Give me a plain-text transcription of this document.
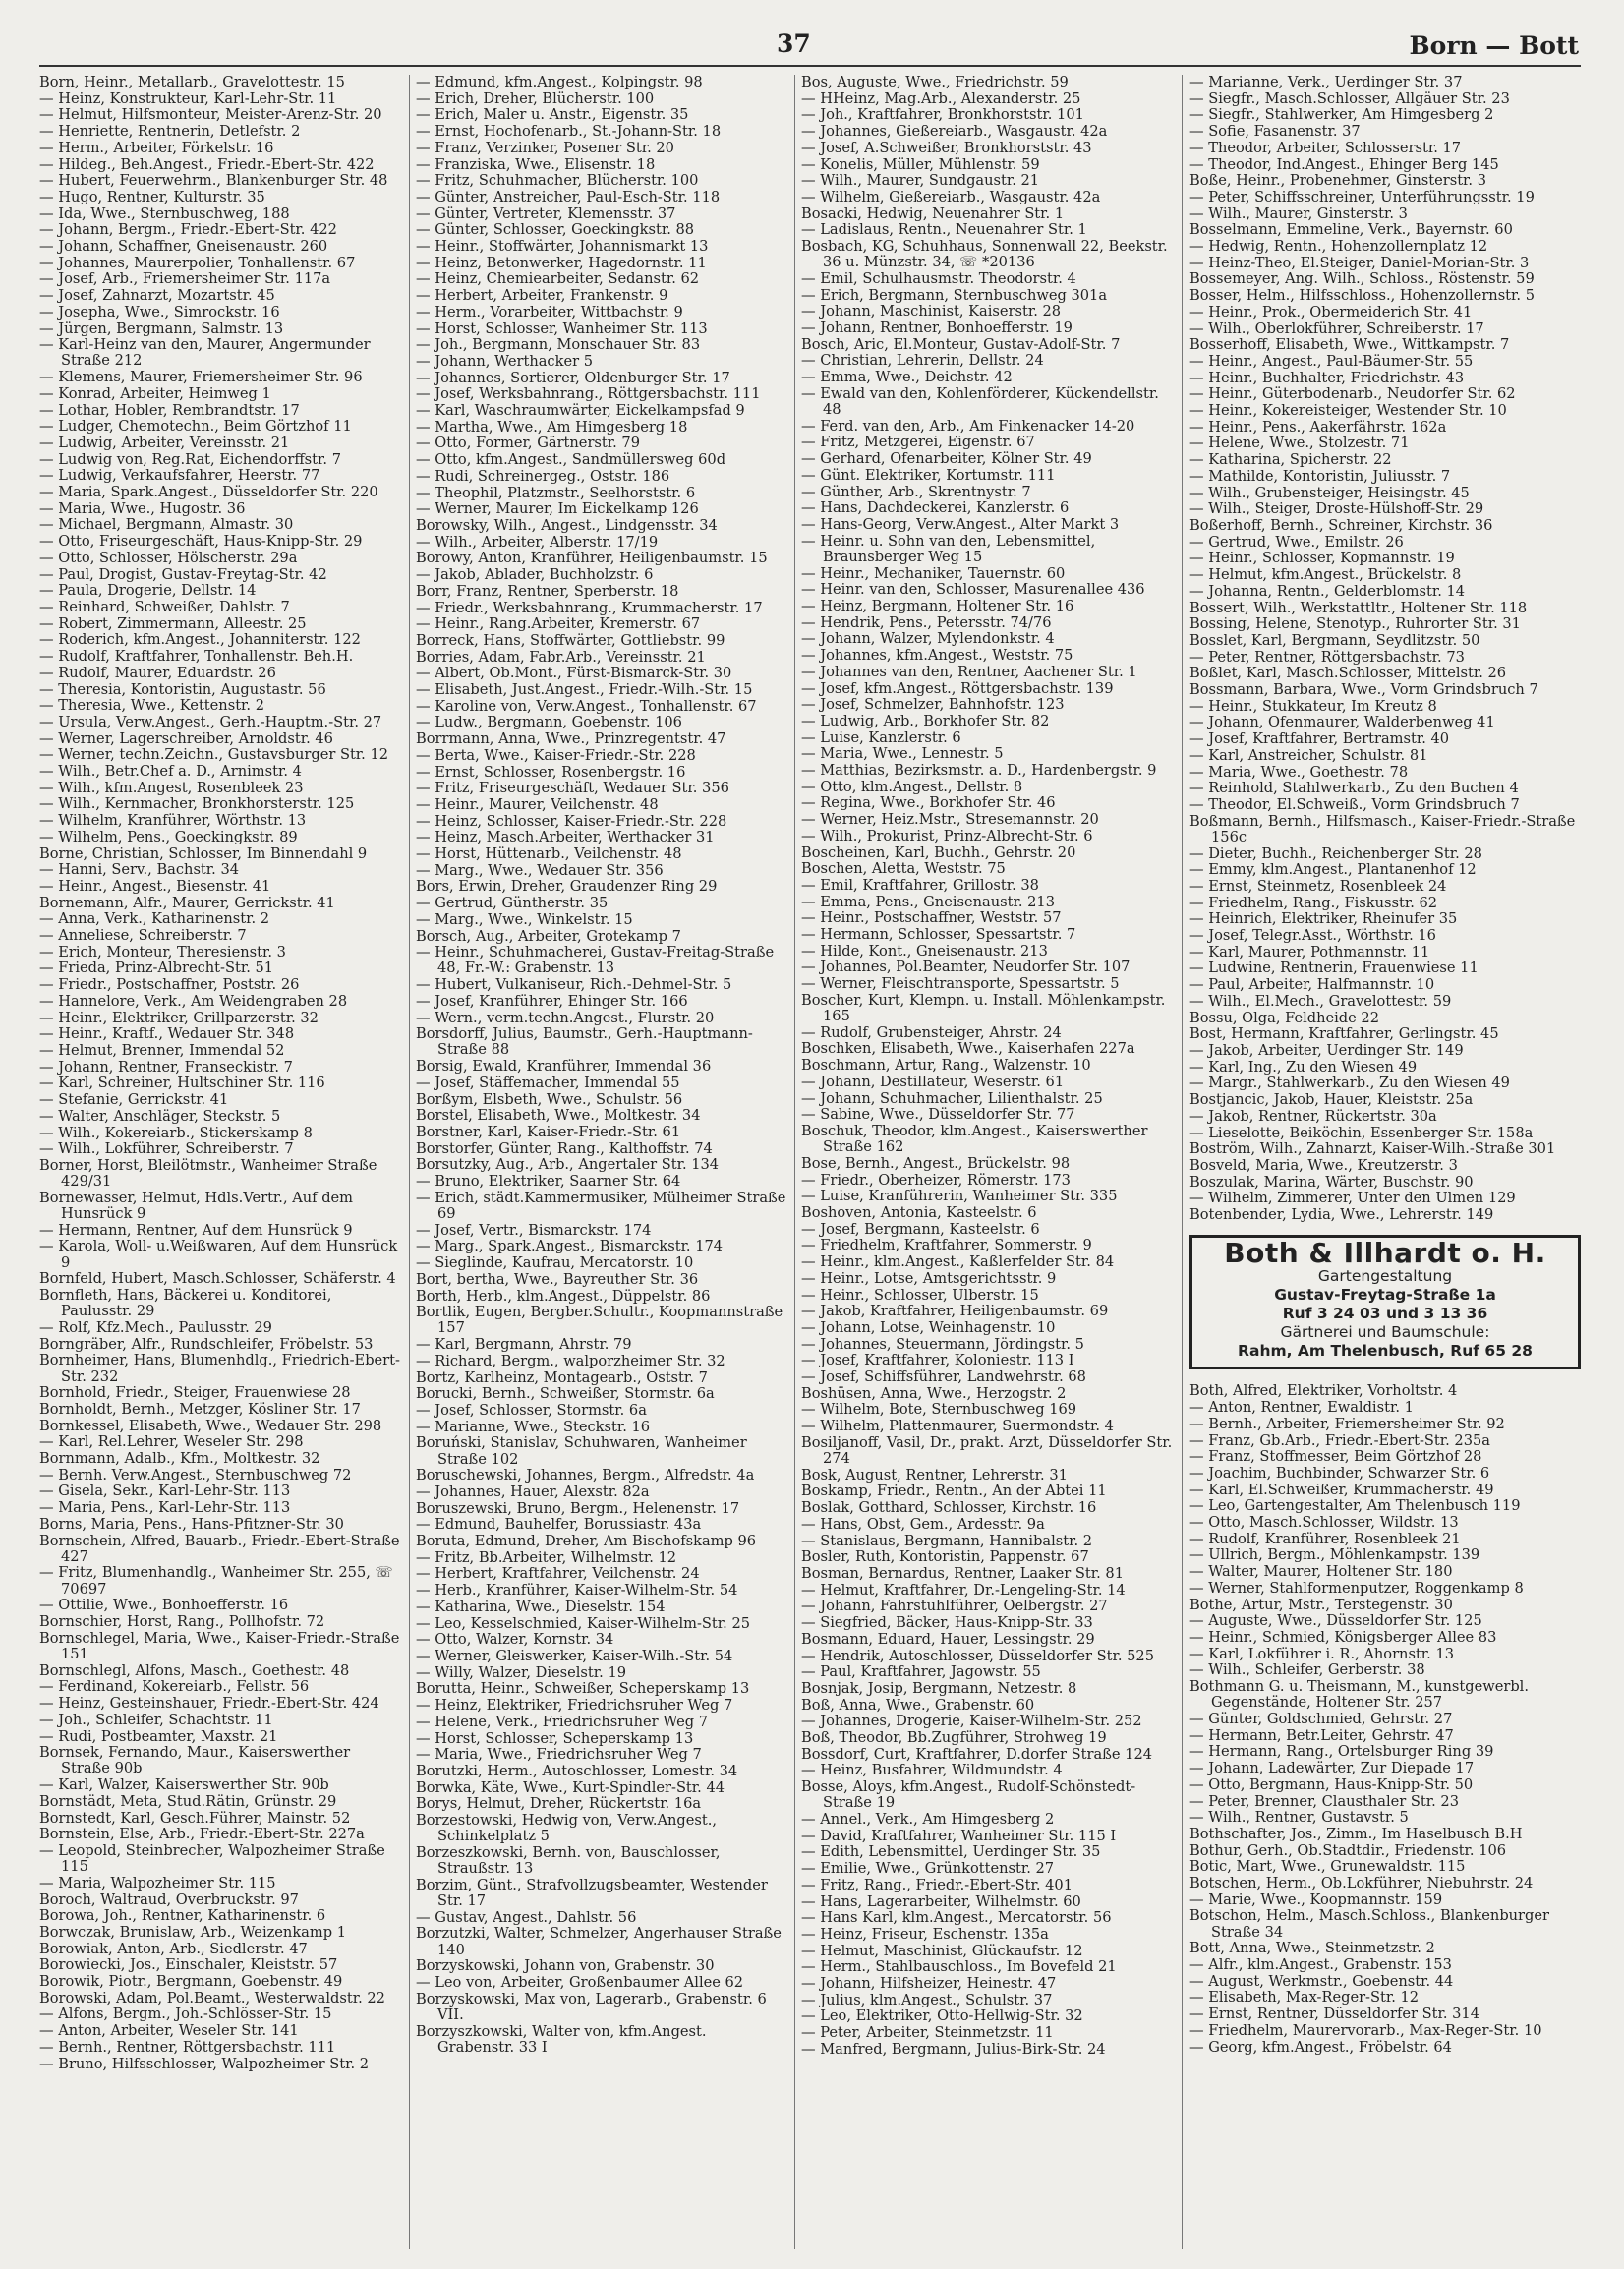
37	Born — Bott
Born, Heinr., Metallarb., Gravelottestr. 15
— Heinz, Konstrukteur, Karl-Lehr-Str. 11
— Helmut, Hilfsmonteur, Meister-Arenz-Str. 20
— Henriette, Rentnerin, Detlefstr. 2
— Herm., Arbeiter, Förkelstr. 16
— Hildeg., Beh.Angest., Friedr.-Ebert-Str. 422
— Hubert, Feuerwehrm., Blankenburger Str. 48
— Hugo, Rentner, Kulturstr. 35
— Ida, Wwe., Sternbuschweg, 188
— Johann, Bergm., Friedr.-Ebert-Str. 422
— Johann, Schaffner, Gneisenaustr. 260
— Johannes, Maurerpolier, Tonhallenstr. 67
— Josef, Arb., Friemersheimer Str. 117a
— Josef, Zahnarzt, Mozartstr. 45
— Josepha, Wwe., Simrockstr. 16
— Jürgen, Bergmann, Salmstr. 13
— Karl-Heinz van den, Maurer, Angermunder Straße 212
— Klemens, Maurer, Friemersheimer Str. 96
— Konrad, Arbeiter, Heimweg 1
— Lothar, Hobler, Rembrandtstr. 17
— Ludger, Chemotechn., Beim Görtzhof 11
— Ludwig, Arbeiter, Vereinsstr. 21
— Ludwig von, Reg.Rat, Eichendorffstr. 7
— Ludwig, Verkaufsfahrer, Heerstr. 77
— Maria, Spark.Angest., Düsseldorfer Str. 220
— Maria, Wwe., Hugostr. 36
— Michael, Bergmann, Almastr. 30
— Otto, Friseurgeschäft, Haus-Knipp-Str. 29
— Otto, Schlosser, Hölscherstr. 29a
— Paul, Drogist, Gustav-Freytag-Str. 42
— Paula, Drogerie, Dellstr. 14
— Reinhard, Schweißer, Dahlstr. 7
— Robert, Zimmermann, Alleestr. 25
— Roderich, kfm.Angest., Johanniterstr. 122
— Rudolf, Kraftfahrer, Tonhallenstr. Beh.H.
— Rudolf, Maurer, Eduardstr. 26
— Theresia, Kontoristin, Augustastr. 56
— Theresia, Wwe., Kettenstr. 2
— Ursula, Verw.Angest., Gerh.-Hauptm.-Str. 27
— Werner, Lagerschreiber, Arnoldstr. 46
— Werner, techn.Zeichn., Gustavsburger Str. 12
— Wilh., Betr.Chef a. D., Arnimstr. 4
— Wilh., kfm.Angest, Rosenbleek 23
— Wilh., Kernmacher, Bronkhorsterstr. 125
— Wilhelm, Kranführer, Wörthstr. 13
— Wilhelm, Pens., Goeckingkstr. 89
Borne, Christian, Schlosser, Im Binnendahl 9
— Hanni, Serv., Bachstr. 34
— Heinr., Angest., Biesenstr. 41
Bornemann, Alfr., Maurer, Gerrickstr. 41
— Anna, Verk., Katharinenstr. 2
— Anneliese, Schreiberstr. 7
— Erich, Monteur, Theresienstr. 3
— Frieda, Prinz-Albrecht-Str. 51
— Friedr., Postschaffner, Poststr. 26
— Hannelore, Verk., Am Weidengraben 28
— Heinr., Elektriker, Grillparzerstr. 32
— Heinr., Kraftf., Wedauer Str. 348
— Helmut, Brenner, Immendal 52
— Johann, Rentner, Franseckistr. 7
— Karl, Schreiner, Hultschiner Str. 116
— Stefanie, Gerrickstr. 41
— Walter, Anschläger, Steckstr. 5
— Wilh., Kokereiarb., Stickerskamp 8
— Wilh., Lokführer, Schreiberstr. 7
Borner, Horst, Bleilötmstr., Wanheimer Straße 429/31
Bornewasser, Helmut, Hdls.Vertr., Auf dem Hunsrück 9
— Hermann, Rentner, Auf dem Hunsrück 9
— Karola, Woll- u.Weißwaren, Auf dem Hunsrück 9
Bornfeld, Hubert, Masch.Schlosser, Schäferstr. 4
Bornfleth, Hans, Bäckerei u. Konditorei, Paulusstr. 29
— Rolf, Kfz.Mech., Paulusstr. 29
Borngräber, Alfr., Rundschleifer, Fröbelstr. 53
Bornheimer, Hans, Blumenhdlg., Friedrich-Ebert-Str. 232
Bornhold, Friedr., Steiger, Frauenwiese 28
Bornholdt, Bernh., Metzger, Kösliner Str. 17
Bornkessel, Elisabeth, Wwe., Wedauer Str. 298
— Karl, Rel.Lehrer, Weseler Str. 298
Bornmann, Adalb., Kfm., Moltkestr. 32
— Bernh. Verw.Angest., Sternbuschweg 72
— Gisela, Sekr., Karl-Lehr-Str. 113
— Maria, Pens., Karl-Lehr-Str. 113
Borns, Maria, Pens., Hans-Pfitzner-Str. 30
Bornschein, Alfred, Bauarb., Friedr.-Ebert-Straße 427
— Fritz, Blumenhandlg., Wanheimer Str. 255, ☏ 70697
— Ottilie, Wwe., Bonhoefferstr. 16
Bornschier, Horst, Rang., Pollhofstr. 72
Bornschlegel, Maria, Wwe., Kaiser-Friedr.-Straße 151
Bornschlegl, Alfons, Masch., Goethestr. 48
— Ferdinand, Kokereiarb., Fellstr. 56
— Heinz, Gesteinshauer, Friedr.-Ebert-Str. 424
— Joh., Schleifer, Schachtstr. 11
— Rudi, Postbeamter, Maxstr. 21
Bornsek, Fernando, Maur., Kaiserswerther Straße 90b
— Karl, Walzer, Kaiserswerther Str. 90b
Bornstädt, Meta, Stud.Rätin, Grünstr. 29
Bornstedt, Karl, Gesch.Führer, Mainstr. 52
Bornstein, Else, Arb., Friedr.-Ebert-Str. 227a
— Leopold, Steinbrecher, Walpozheimer Straße 115
— Maria, Walpozheimer Str. 115
Boroch, Waltraud, Overbruckstr. 97
Borowa, Joh., Rentner, Katharinenstr. 6
Borwczak, Brunislaw, Arb., Weizenkamp 1
Borowiak, Anton, Arb., Siedlerstr. 47
Borowiecki, Jos., Einschaler, Kleiststr. 57
Borowik, Piotr., Bergmann, Goebenstr. 49
Borowski, Adam, Pol.Beamt., Westerwaldstr. 22
— Alfons, Bergm., Joh.-Schlösser-Str. 15
— Anton, Arbeiter, Weseler Str. 141
— Bernh., Rentner, Röttgersbachstr. 111
— Bruno, Hilfsschlosser, Walpozheimer Str. 2
— Edmund, kfm.Angest., Kolpingstr. 98
— Erich, Dreher, Blücherstr. 100
— Erich, Maler u. Anstr., Eigenstr. 35
— Ernst, Hochofenarb., St.-Johann-Str. 18
— Franz, Verzinker, Posener Str. 20
— Franziska, Wwe., Elisenstr. 18
— Fritz, Schuhmacher, Blücherstr. 100
— Günter, Anstreicher, Paul-Esch-Str. 118
— Günter, Vertreter, Klemensstr. 37
— Günter, Schlosser, Goeckingkstr. 88
— Heinr., Stoffwärter, Johannismarkt 13
— Heinz, Betonwerker, Hagedornstr. 11
— Heinz, Chemiearbeiter, Sedanstr. 62
— Herbert, Arbeiter, Frankenstr. 9
— Herm., Vorarbeiter, Wittbachstr. 9
— Horst, Schlosser, Wanheimer Str. 113
— Joh., Bergmann, Monschauer Str. 83
— Johann, Werthacker 5
— Johannes, Sortierer, Oldenburger Str. 17
— Josef, Werksbahnrang., Röttgersbachstr. 111
— Karl, Waschraumwärter, Eickelkampsfad 9
— Martha, Wwe., Am Himgesberg 18
— Otto, Former, Gärtnerstr. 79
— Otto, kfm.Angest., Sandmüllersweg 60d
— Rudi, Schreinergeg., Oststr. 186
— Theophil, Platzmstr., Seelhorststr. 6
— Werner, Maurer, Im Eickelkamp 126
Borowsky, Wilh., Angest., Lindgensstr. 34
— Wilh., Arbeiter, Alberstr. 17/19
Borowy, Anton, Kranführer, Heiligenbaumstr. 15
— Jakob, Ablader, Buchholzstr. 6
Borr, Franz, Rentner, Sperberstr. 18
— Friedr., Werksbahnrang., Krummacherstr. 17
— Heinr., Rang.Arbeiter, Kremerstr. 67
Borreck, Hans, Stoffwärter, Gottliebstr. 99
Borries, Adam, Fabr.Arb., Vereinsstr. 21
— Albert, Ob.Mont., Fürst-Bismarck-Str. 30
— Elisabeth, Just.Angest., Friedr.-Wilh.-Str. 15
— Karoline von, Verw.Angest., Tonhallenstr. 67
— Ludw., Bergmann, Goebenstr. 106
Borrmann, Anna, Wwe., Prinzregentstr. 47
— Berta, Wwe., Kaiser-Friedr.-Str. 228
— Ernst, Schlosser, Rosenbergstr. 16
— Fritz, Friseurgeschäft, Wedauer Str. 356
— Heinr., Maurer, Veilchenstr. 48
— Heinz, Schlosser, Kaiser-Friedr.-Str. 228
— Heinz, Masch.Arbeiter, Werthacker 31
— Horst, Hüttenarb., Veilchenstr. 48
— Marg., Wwe., Wedauer Str. 356
Bors, Erwin, Dreher, Graudenzer Ring 29
— Gertrud, Güntherstr. 35
— Marg., Wwe., Winkelstr. 15
Borsch, Aug., Arbeiter, Grotekamp 7
— Heinr., Schuhmacherei, Gustav-Freitag-Straße 48, Fr.-W.: Grabenstr. 13
— Hubert, Vulkaniseur, Rich.-Dehmel-Str. 5
— Josef, Kranführer, Ehinger Str. 166
— Wern., verm.techn.Angest., Flurstr. 20
Borsdorff, Julius, Baumstr., Gerh.-Hauptmann-Straße 88
Borsig, Ewald, Kranführer, Immendal 36
— Josef, Stäffemacher, Immendal 55
Borßym, Elsbeth, Wwe., Schulstr. 56
Borstel, Elisabeth, Wwe., Moltkestr. 34
Borstner, Karl, Kaiser-Friedr.-Str. 61
Borstorfer, Günter, Rang., Kalthoffstr. 74
Borsutzky, Aug., Arb., Angertaler Str. 134
— Bruno, Elektriker, Saarner Str. 64
— Erich, städt.Kammermusiker, Mülheimer Straße 69
— Josef, Vertr., Bismarckstr. 174
— Marg., Spark.Angest., Bismarckstr. 174
— Sieglinde, Kaufrau, Mercatorstr. 10
Bort, bertha, Wwe., Bayreuther Str. 36
Borth, Herb., klm.Angest., Düppelstr. 86
Bortlik, Eugen, Bergber.Schultr., Koopmannstraße 157
— Karl, Bergmann, Ahrstr. 79
— Richard, Bergm., walporzheimer Str. 32
Bortz, Karlheinz, Montagearb., Oststr. 7
Borucki, Bernh., Schweißer, Stormstr. 6a
— Josef, Schlosser, Stormstr. 6a
— Marianne, Wwe., Steckstr. 16
Boruński, Stanislav, Schuhwaren, Wanheimer Straße 102
Boruschewski, Johannes, Bergm., Alfredstr. 4a
— Johannes, Hauer, Alexstr. 82a
Boruszewski, Bruno, Bergm., Helenenstr. 17
— Edmund, Bauhelfer, Borussiastr. 43a
Boruta, Edmund, Dreher, Am Bischofskamp 96
— Fritz, Bb.Arbeiter, Wilhelmstr. 12
— Herbert, Kraftfahrer, Veilchenstr. 24
— Herb., Kranführer, Kaiser-Wilhelm-Str. 54
— Katharina, Wwe., Dieselstr. 154
— Leo, Kesselschmied, Kaiser-Wilhelm-Str. 25
— Otto, Walzer, Kornstr. 34
— Werner, Gleiswerker, Kaiser-Wilh.-Str. 54
— Willy, Walzer, Dieselstr. 19
Borutta, Heinr., Schweißer, Scheperskamp 13
— Heinz, Elektriker, Friedrichsruher Weg 7
— Helene, Verk., Friedrichsruher Weg 7
— Horst, Schlosser, Scheperskamp 13
— Maria, Wwe., Friedrichsruher Weg 7
Borutzki, Herm., Autoschlosser, Lomestr. 34
Borwka, Käte, Wwe., Kurt-Spindler-Str. 44
Borys, Helmut, Dreher, Rückertstr. 16a
Borzestowski, Hedwig von, Verw.Angest., Schinkelplatz 5
Borzeszkowski, Bernh. von, Bauschlosser, Straußstr. 13
Borzim, Günt., Strafvollzugsbeamter, Westender Str. 17
— Gustav, Angest., Dahlstr. 56
Borzutzki, Walter, Schmelzer, Angerhauser Straße 140
Borzyskowski, Johann von, Grabenstr. 30
— Leo von, Arbeiter, Großenbaumer Allee 62
Borzyskowski, Max von, Lagerarb., Grabenstr. 6 VII.
Borzyszkowski, Walter von, kfm.Angest. Grabenstr. 33 I
Bos, Auguste, Wwe., Friedrichstr. 59
— HHeinz, Mag.Arb., Alexanderstr. 25
— Joh., Kraftfahrer, Bronkhorststr. 101
— Johannes, Gießereiarb., Wasgaustr. 42a
— Josef, A.Schweißer, Bronkhorststr. 43
— Konelis, Müller, Mühlenstr. 59
— Wilh., Maurer, Sundgaustr. 21
— Wilhelm, Gießereiarb., Wasgaustr. 42a
Bosacki, Hedwig, Neuenahrer Str. 1
— Ladislaus, Rentn., Neuenahrer Str. 1
Bosbach, KG, Schuhhaus, Sonnenwall 22, Beekstr. 36 u. Münzstr. 34, ☏ *20136
— Emil, Schulhausmstr. Theodorstr. 4
— Erich, Bergmann, Sternbuschweg 301a
— Johann, Maschinist, Kaiserstr. 28
— Johann, Rentner, Bonhoefferstr. 19
Bosch, Aric, El.Monteur, Gustav-Adolf-Str. 7
— Christian, Lehrerin, Dellstr. 24
— Emma, Wwe., Deichstr. 42
— Ewald van den, Kohlenförderer, Kückendellstr. 48
— Ferd. van den, Arb., Am Finkenacker 14-20
— Fritz, Metzgerei, Eigenstr. 67
— Gerhard, Ofenarbeiter, Kölner Str. 49
— Günt. Elektriker, Kortumstr. 111
— Günther, Arb., Skrentnystr. 7
— Hans, Dachdeckerei, Kanzlerstr. 6
— Hans-Georg, Verw.Angest., Alter Markt 3
— Heinr. u. Sohn van den, Lebensmittel, Braunsberger Weg 15
— Heinr., Mechaniker, Tauernstr. 60
— Heinr. van den, Schlosser, Masurenallee 436
— Heinz, Bergmann, Holtener Str. 16
— Hendrik, Pens., Petersstr. 74/76
— Johann, Walzer, Mylendonkstr. 4
— Johannes, kfm.Angest., Weststr. 75
— Johannes van den, Rentner, Aachener Str. 1
— Josef, kfm.Angest., Röttgersbachstr. 139
— Josef, Schmelzer, Bahnhofstr. 123
— Ludwig, Arb., Borkhofer Str. 82
— Luise, Kanzlerstr. 6
— Maria, Wwe., Lennestr. 5
— Matthias, Bezirksmstr. a. D., Hardenbergstr. 9
— Otto, klm.Angest., Dellstr. 8
— Regina, Wwe., Borkhofer Str. 46
— Werner, Heiz.Mstr., Stresemannstr. 20
— Wilh., Prokurist, Prinz-Albrecht-Str. 6
Boscheinen, Karl, Buchh., Gehrstr. 20
Boschen, Aletta, Weststr. 75
— Emil, Kraftfahrer, Grillostr. 38
— Emma, Pens., Gneisenaustr. 213
— Heinr., Postschaffner, Weststr. 57
— Hermann, Schlosser, Spessartstr. 7
— Hilde, Kont., Gneisenaustr. 213
— Johannes, Pol.Beamter, Neudorfer Str. 107
— Werner, Fleischtransporte, Spessartstr. 5
Boscher, Kurt, Klempn. u. Install. Möhlenkampstr. 165
— Rudolf, Grubensteiger, Ahrstr. 24
Boschken, Elisabeth, Wwe., Kaiserhafen 227a
Boschmann, Artur, Rang., Walzenstr. 10
— Johann, Destillateur, Weserstr. 61
— Johann, Schuhmacher, Lilienthalstr. 25
— Sabine, Wwe., Düsseldorfer Str. 77
Boschuk, Theodor, klm.Angest., Kaiserswerther Straße 162
Bose, Bernh., Angest., Brückelstr. 98
— Friedr., Oberheizer, Römerstr. 173
— Luise, Kranführerin, Wanheimer Str. 335
Boshoven, Antonia, Kasteelstr. 6
— Josef, Bergmann, Kasteelstr. 6
— Friedhelm, Kraftfahrer, Sommerstr. 9
— Heinr., klm.Angest., Kaßlerfelder Str. 84
— Heinr., Lotse, Amtsgerichtsstr. 9
— Heinr., Schlosser, Ulberstr. 15
— Jakob, Kraftfahrer, Heiligenbaumstr. 69
— Johann, Lotse, Weinhagenstr. 10
— Johannes, Steuermann, Jördingstr. 5
— Josef, Kraftfahrer, Koloniestr. 113 I
— Josef, Schiffsführer, Landwehrstr. 68
Boshüsen, Anna, Wwe., Herzogstr. 2
— Wilhelm, Bote, Sternbuschweg 169
— Wilhelm, Plattenmaurer, Suermondstr. 4
Bosiljanoff, Vasil, Dr., prakt. Arzt, Düsseldorfer Str. 274
Bosk, August, Rentner, Lehrerstr. 31
Boskamp, Friedr., Rentn., An der Abtei 11
Boslak, Gotthard, Schlosser, Kirchstr. 16
— Hans, Obst, Gem., Ardesstr. 9a
— Stanislaus, Bergmann, Hannibalstr. 2
Bosler, Ruth, Kontoristin, Pappenstr. 67
Bosman, Bernardus, Rentner, Laaker Str. 81
— Helmut, Kraftfahrer, Dr.-Lengeling-Str. 14
— Johann, Fahrstuhlführer, Oelbergstr. 27
— Siegfried, Bäcker, Haus-Knipp-Str. 33
Bosmann, Eduard, Hauer, Lessingstr. 29
— Hendrik, Autoschlosser, Düsseldorfer Str. 525
— Paul, Kraftfahrer, Jagowstr. 55
Bosnjak, Josip, Bergmann, Netzestr. 8
Boß, Anna, Wwe., Grabenstr. 60
— Johannes, Drogerie, Kaiser-Wilhelm-Str. 252
Boß, Theodor, Bb.Zugführer, Strohweg 19
Bossdorf, Curt, Kraftfahrer, D.dorfer Straße 124
— Heinz, Busfahrer, Wildmundstr. 4
Bosse, Aloys, kfm.Angest., Rudolf-Schönstedt-Straße 19
— Annel., Verk., Am Himgesberg 2
— David, Kraftfahrer, Wanheimer Str. 115 I
— Edith, Lebensmittel, Uerdinger Str. 35
— Emilie, Wwe., Grünkottenstr. 27
— Fritz, Rang., Friedr.-Ebert-Str. 401
— Hans, Lagerarbeiter, Wilhelmstr. 60
— Hans Karl, klm.Angest., Mercatorstr. 56
— Heinz, Friseur, Eschenstr. 135a
— Helmut, Maschinist, Glückaufstr. 12
— Herm., Stahlbauschloss., Im Bovefeld 21
— Johann, Hilfsheizer, Heinestr. 47
— Julius, klm.Angest., Schulstr. 37
— Leo, Elektriker, Otto-Hellwig-Str. 32
— Peter, Arbeiter, Steinmetzstr. 11
— Manfred, Bergmann, Julius-Birk-Str. 24
— Marianne, Verk., Uerdinger Str. 37
— Siegfr., Masch.Schlosser, Allgäuer Str. 23
— Siegfr., Stahlwerker, Am Himgesberg 2
— Sofie, Fasanenstr. 37
— Theodor, Arbeiter, Schlosserstr. 17
— Theodor, Ind.Angest., Ehinger Berg 145
Boße, Heinr., Probenehmer, Ginsterstr. 3
— Peter, Schiffsschreiner, Unterführungsstr. 19
— Wilh., Maurer, Ginsterstr. 3
Bosselmann, Emmeline, Verk., Bayernstr. 60
— Hedwig, Rentn., Hohenzollernplatz 12
— Heinz-Theo, El.Steiger, Daniel-Morian-Str. 3
Bossemeyer, Ang. Wilh., Schloss., Röstenstr. 59
Bosser, Helm., Hilfsschloss., Hohenzollernstr. 5
— Heinr., Prok., Obermeiderich Str. 41
— Wilh., Oberlokführer, Schreiberstr. 17
Bosserhoff, Elisabeth, Wwe., Wittkampstr. 7
— Heinr., Angest., Paul-Bäumer-Str. 55
— Heinr., Buchhalter, Friedrichstr. 43
— Heinr., Güterbodenarb., Neudorfer Str. 62
— Heinr., Kokereisteiger, Westender Str. 10
— Heinr., Pens., Aakerfährstr. 162a
— Helene, Wwe., Stolzestr. 71
— Katharina, Spicherstr. 22
— Mathilde, Kontoristin, Juliusstr. 7
— Wilh., Grubensteiger, Heisingstr. 45
— Wilh., Steiger, Droste-Hülshoff-Str. 29
Boßerhoff, Bernh., Schreiner, Kirchstr. 36
— Gertrud, Wwe., Emilstr. 26
— Heinr., Schlosser, Kopmannstr. 19
— Helmut, kfm.Angest., Brückelstr. 8
— Johanna, Rentn., Gelderblomstr. 14
Bossert, Wilh., Werkstattltr., Holtener Str. 118
Bossing, Helene, Stenotyp., Ruhrorter Str. 31
Bosslet, Karl, Bergmann, Seydlitzstr. 50
— Peter, Rentner, Röttgersbachstr. 73
Boßlet, Karl, Masch.Schlosser, Mittelstr. 26
Bossmann, Barbara, Wwe., Vorm Grindsbruch 7
— Heinr., Stukkateur, Im Kreutz 8
— Johann, Ofenmaurer, Walderbenweg 41
— Josef, Kraftfahrer, Bertramstr. 40
— Karl, Anstreicher, Schulstr. 81
— Maria, Wwe., Goethestr. 78
— Reinhold, Stahlwerkarb., Zu den Buchen 4
— Theodor, El.Schweiß., Vorm Grindsbruch 7
Boßmann, Bernh., Hilfsmasch., Kaiser-Friedr.-Straße 156c
— Dieter, Buchh., Reichenberger Str. 28
— Emmy, klm.Angest., Plantanenhof 12
— Ernst, Steinmetz, Rosenbleek 24
— Friedhelm, Rang., Fiskusstr. 62
— Heinrich, Elektriker, Rheinufer 35
— Josef, Telegr.Asst., Wörthstr. 16
— Karl, Maurer, Pothmannstr. 11
— Ludwine, Rentnerin, Frauenwiese 11
— Paul, Arbeiter, Halfmannstr. 10
— Wilh., El.Mech., Gravelottestr. 59
Bossu, Olga, Feldheide 22
Bost, Hermann, Kraftfahrer, Gerlingstr. 45
— Jakob, Arbeiter, Uerdinger Str. 149
— Karl, Ing., Zu den Wiesen 49
— Margr., Stahlwerkarb., Zu den Wiesen 49
Bostjancic, Jakob, Hauer, Kleiststr. 25a
— Jakob, Rentner, Rückertstr. 30a
— Lieselotte, Beiköchin, Essenberger Str. 158a
Boström, Wilh., Zahnarzt, Kaiser-Wilh.-Straße 301
Bosveld, Maria, Wwe., Kreutzerstr. 3
Boszulak, Marina, Wärter, Buschstr. 90
— Wilhelm, Zimmerer, Unter den Ulmen 129
Botenbender, Lydia, Wwe., Lehrerstr. 149
Both & Illhardt o. H.
Gartengestaltung
Gustav-Freytag-Straße 1a
Ruf 3 24 03 und 3 13 36
Gärtnerei und Baumschule:
Rahm, Am Thelenbusch, Ruf 65 28
Both, Alfred, Elektriker, Vorholtstr. 4
— Anton, Rentner, Ewaldistr. 1
— Bernh., Arbeiter, Friemersheimer Str. 92
— Franz, Gb.Arb., Friedr.-Ebert-Str. 235a
— Franz, Stoffmesser, Beim Görtzhof 28
— Joachim, Buchbinder, Schwarzer Str. 6
— Karl, El.Schweißer, Krummacherstr. 49
— Leo, Gartengestalter, Am Thelenbusch 119
— Otto, Masch.Schlosser, Wildstr. 13
— Rudolf, Kranführer, Rosenbleek 21
— Ullrich, Bergm., Möhlenkampstr. 139
— Walter, Maurer, Holtener Str. 180
— Werner, Stahlformenputzer, Roggenkamp 8
Bothe, Artur, Mstr., Terstegenstr. 30
— Auguste, Wwe., Düsseldorfer Str. 125
— Heinr., Schmied, Königsberger Allee 83
— Karl, Lokführer i. R., Ahornstr. 13
— Wilh., Schleifer, Gerberstr. 38
Bothmann G. u. Theismann, M., kunstgewerbl. Gegenstände, Holtener Str. 257
— Günter, Goldschmied, Gehrstr. 27
— Hermann, Betr.Leiter, Gehrstr. 47
— Hermann, Rang., Ortelsburger Ring 39
— Johann, Ladewärter, Zur Diepade 17
— Otto, Bergmann, Haus-Knipp-Str. 50
— Peter, Brenner, Clausthaler Str. 23
— Wilh., Rentner, Gustavstr. 5
Bothschafter, Jos., Zimm., Im Haselbusch B.H
Bothur, Gerh., Ob.Stadtdir., Friedenstr. 106
Botic, Mart, Wwe., Grunewaldstr. 115
Botschen, Herm., Ob.Lokführer, Niebuhrstr. 24
— Marie, Wwe., Koopmannstr. 159
Botschon, Helm., Masch.Schloss., Blankenburger Straße 34
Bott, Anna, Wwe., Steinmetzstr. 2
— Alfr., klm.Angest., Grabenstr. 153
— August, Werkmstr., Goebenstr. 44
— Elisabeth, Max-Reger-Str. 12
— Ernst, Rentner, Düsseldorfer Str. 314
— Friedhelm, Maurervorarb., Max-Reger-Str. 10
— Georg, kfm.Angest., Fröbelstr. 64
